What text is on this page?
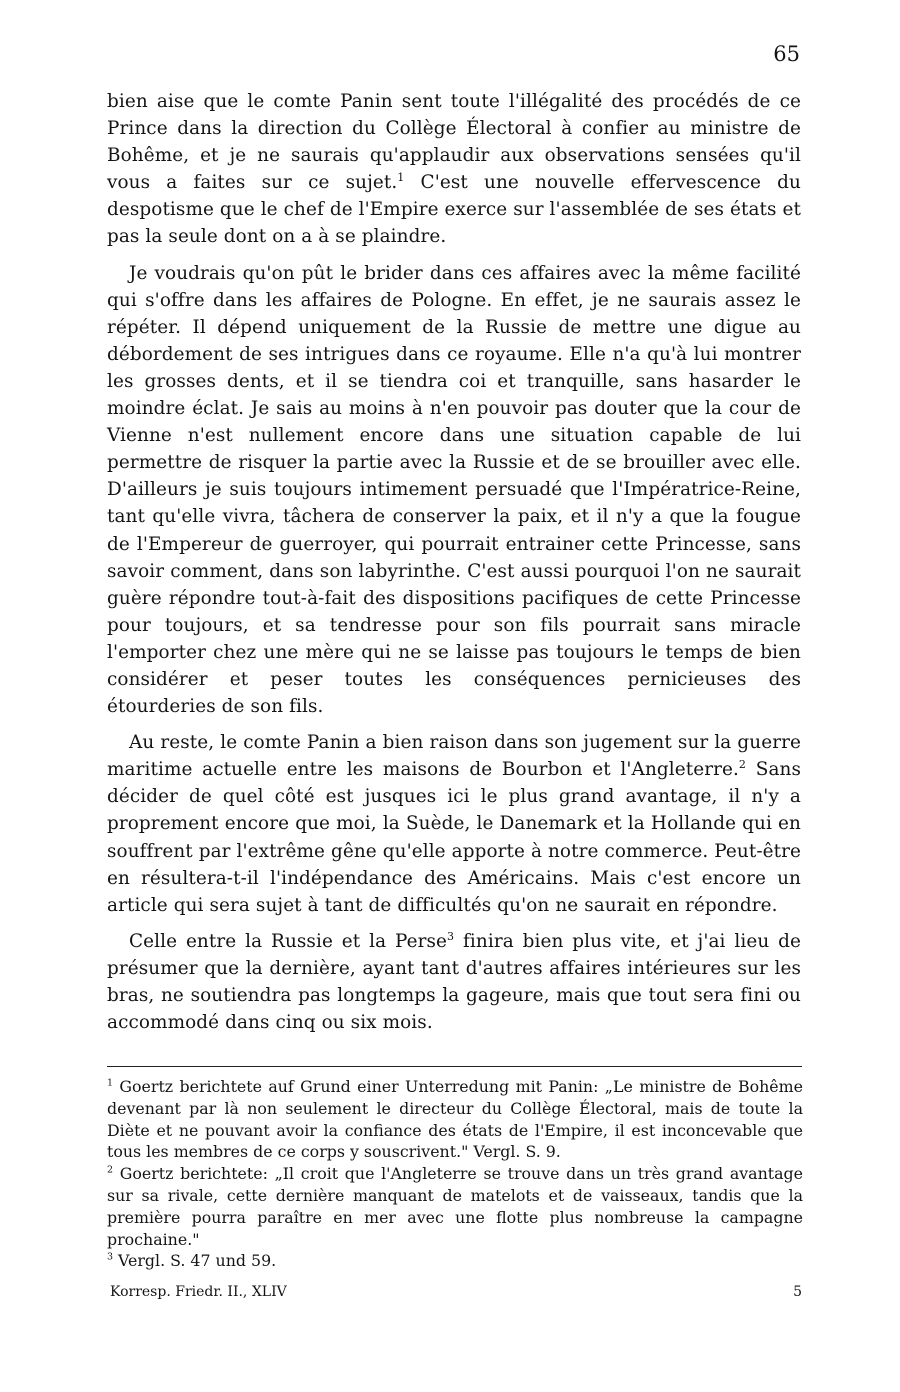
65

bien aise que le comte Panin sent toute l'illégalité des procédés de ce Prince dans la direction du Collège Électoral à confier au ministre de Bohême, et je ne saurais qu'applaudir aux observations sensées qu'il vous a faites sur ce sujet.$^1$ C'est une nouvelle effervescence du despotisme que le chef de l'Empire exerce sur l'assemblée de ses états et pas la seule dont on a à se plaindre.

Je voudrais qu'on pût le brider dans ces affaires avec la même facilité qui s'offre dans les affaires de Pologne. En effet, je ne saurais assez le répéter. Il dépend uniquement de la Russie de mettre une digue au débordement de ses intrigues dans ce royaume. Elle n'a qu'à lui montrer les grosses dents, et il se tiendra coi et tranquille, sans hasarder le moindre éclat. Je sais au moins à n'en pouvoir pas douter que la cour de Vienne n'est nullement encore dans une situation capable de lui permettre de risquer la partie avec la Russie et de se brouiller avec elle. D'ailleurs je suis toujours intimement persuadé que l'Impératrice-Reine, tant qu'elle vivra, tâchera de conserver la paix, et il n'y a que la fougue de l'Empereur de guerroyer, qui pourrait entrainer cette Princesse, sans savoir comment, dans son labyrinthe. C'est aussi pourquoi l'on ne saurait guère répondre tout-à-fait des dispositions pacifiques de cette Princesse pour toujours, et sa tendresse pour son fils pourrait sans miracle l'emporter chez une mère qui ne se laisse pas toujours le temps de bien considérer et peser toutes les conséquences pernicieuses des étourderies de son fils.

Au reste, le comte Panin a bien raison dans son jugement sur la guerre maritime actuelle entre les maisons de Bourbon et l'Angleterre.$^2$ Sans décider de quel côté est jusques ici le plus grand avantage, il n'y a proprement encore que moi, la Suède, le Danemark et la Hollande qui en souffrent par l'extrême gêne qu'elle apporte à notre commerce. Peut-être en résultera-t-il l'indépendance des Américains. Mais c'est encore un article qui sera sujet à tant de difficultés qu'on ne saurait en répondre.

Celle entre la Russie et la Perse$^3$ finira bien plus vite, et j'ai lieu de présumer que la dernière, ayant tant d'autres affaires intérieures sur les bras, ne soutiendra pas longtemps la gageure, mais que tout sera fini ou accommodé dans cinq ou six mois.

$^1$ Goertz berichtete auf Grund einer Unterredung mit Panin: „Le ministre de Bohême devenant par là non seulement le directeur du Collège Électoral, mais de toute la Diète et ne pouvant avoir la confiance des états de l'Empire, il est inconcevable que tous les membres de ce corps y souscrivent." Vergl. S. 9.

$^2$ Goertz berichtete: „Il croit que l'Angleterre se trouve dans un très grand avantage sur sa rivale, cette dernière manquant de matelots et de vaisseaux, tandis que la première pourra paraître en mer avec une flotte plus nombreuse la campagne prochaine."

$^3$ Vergl. S. 47 und 59.

Korresp. Friedr. II., XLIV	5
